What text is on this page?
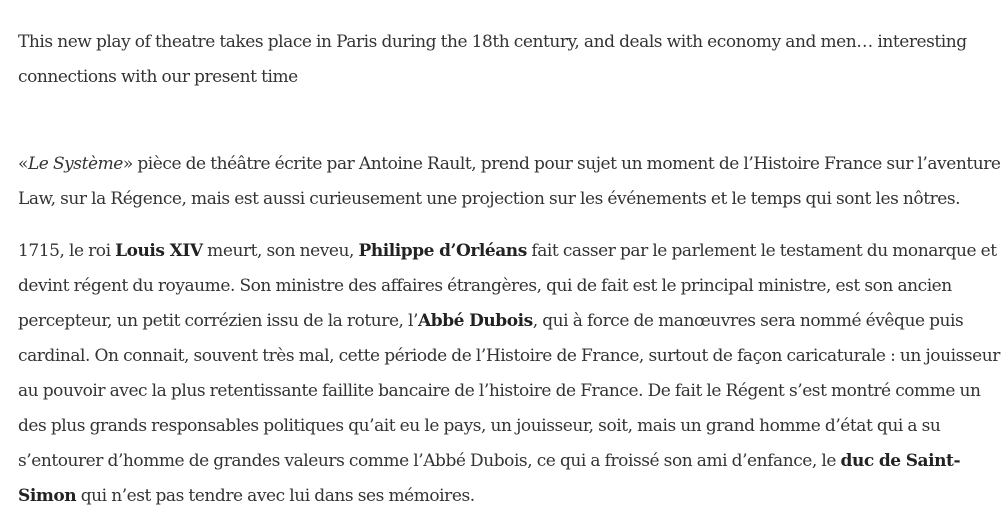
This new play of theatre takes place in Paris during the 18th century, and deals with economy and men… interesting connections with our present time

«Le Système» pièce de théâtre écrite par Antoine Rault, prend pour sujet un moment de l’Histoire France sur l’aventure Law, sur la Régence, mais est aussi curieusement une projection sur les événements et le temps qui sont les nôtres.

1715, le roi Louis XIV meurt, son neveu, Philippe d’Orléans fait casser par le parlement le testament du monarque et devint régent du royaume. Son ministre des affaires étrangères, qui de fait est le principal ministre, est son ancien percepteur, un petit corrézien issu de la roture, l’Abbé Dubois, qui à force de manœuvres sera nommé évêque puis cardinal. On connait, souvent très mal, cette période de l’Histoire de France, surtout de façon caricaturale : un jouisseur au pouvoir avec la plus retentissante faillite bancaire de l’histoire de France. De fait le Régent s’est montré comme un des plus grands responsables politiques qu’ait eu le pays, un jouisseur, soit, mais un grand homme d’état qui a su s’entourer d’homme de grandes valeurs comme l’Abbé Dubois, ce qui a froissé son ami d’enfance, le duc de Saint-Simon qui n’est pas tendre avec lui dans ses mémoires.
